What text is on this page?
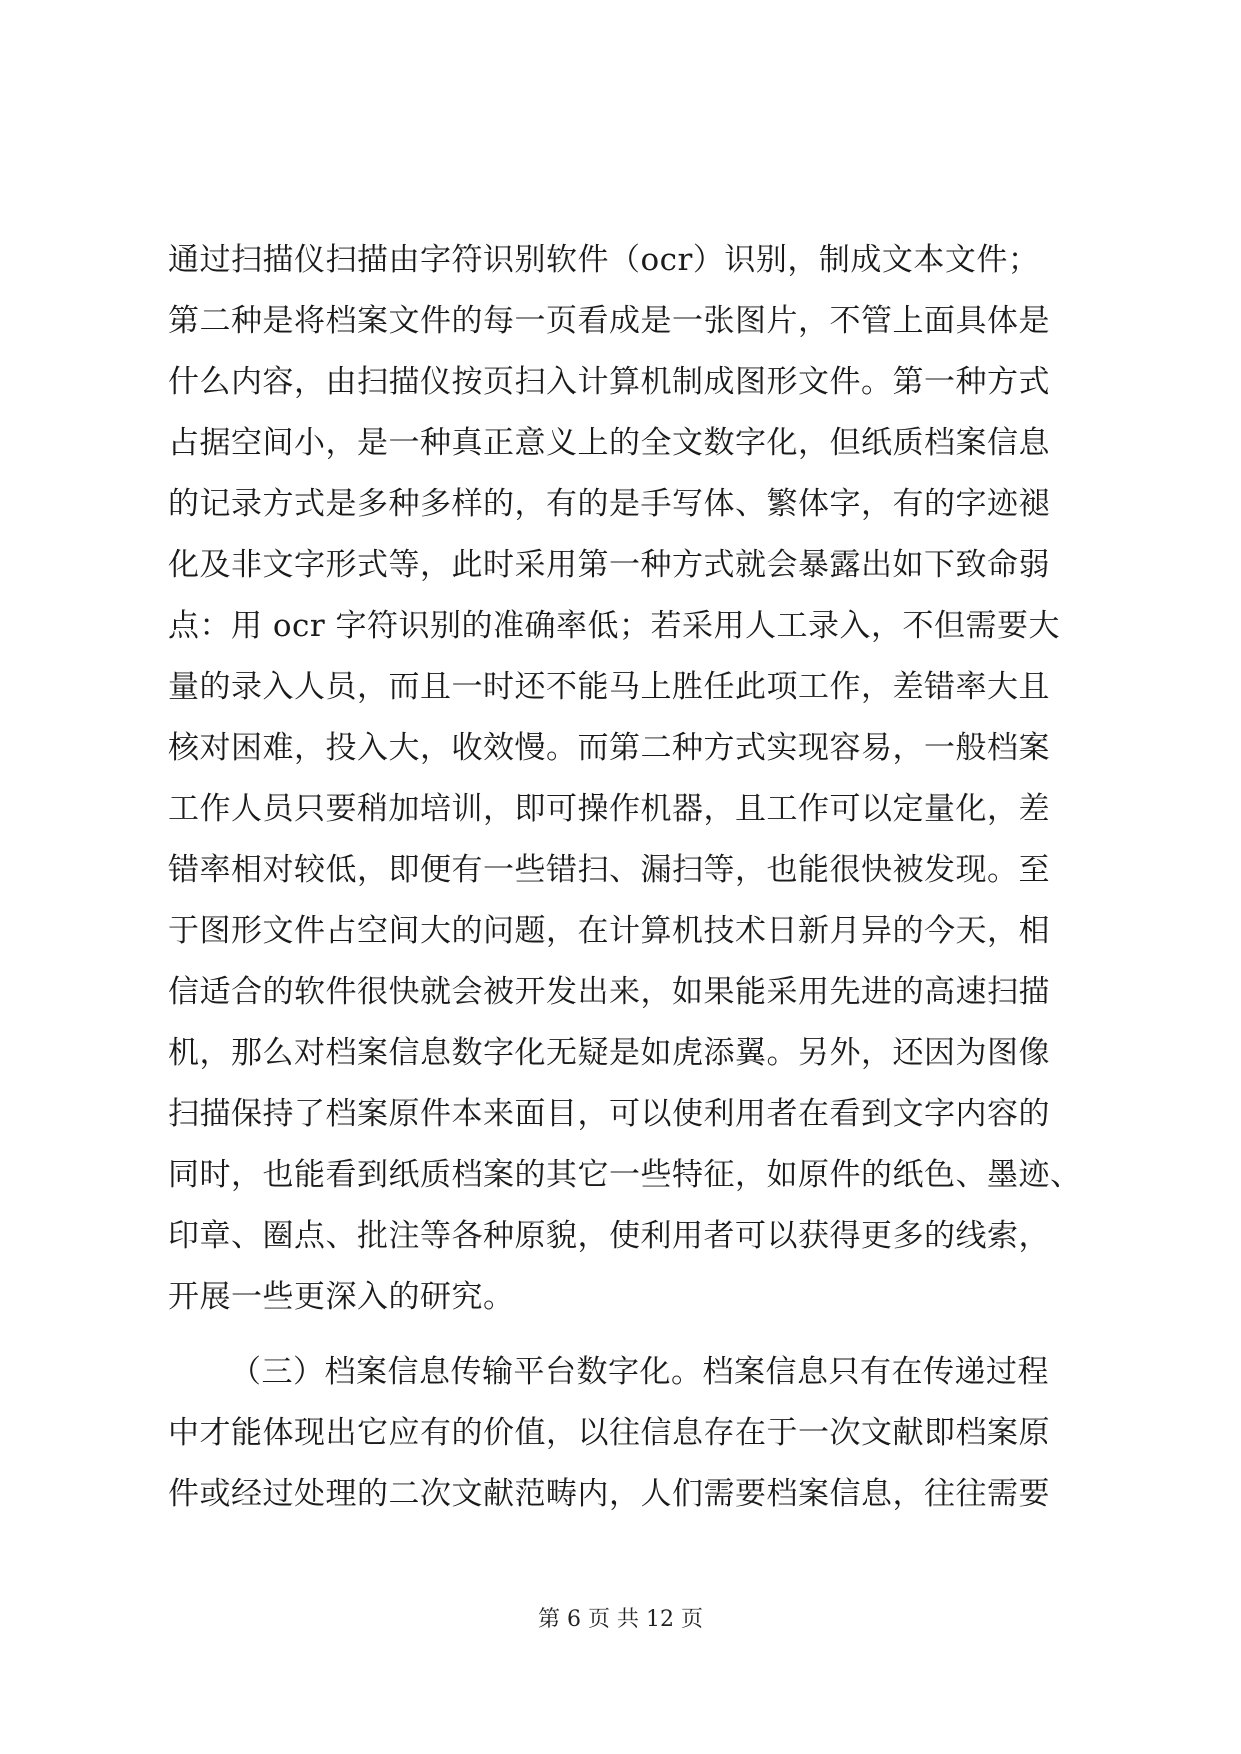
通过扫描仪扫描由字符识别软件（ocr）识别，制成文本文件；
第二种是将档案文件的每一页看成是一张图片，不管上面具体是
什么内容，由扫描仪按页扫入计算机制成图形文件。第一种方式
占据空间小，是一种真正意义上的全文数字化，但纸质档案信息
的记录方式是多种多样的，有的是手写体、繁体字，有的字迹褪
化及非文字形式等，此时采用第一种方式就会暴露出如下致命弱
点：用 ocr 字符识别的准确率低；若采用人工录入，不但需要大
量的录入人员，而且一时还不能马上胜任此项工作，差错率大且
核对困难，投入大，收效慢。而第二种方式实现容易，一般档案
工作人员只要稍加培训，即可操作机器，且工作可以定量化，差
错率相对较低，即便有一些错扫、漏扫等，也能很快被发现。至
于图形文件占空间大的问题，在计算机技术日新月异的今天，相
信适合的软件很快就会被开发出来，如果能采用先进的高速扫描
机，那么对档案信息数字化无疑是如虎添翼。另外，还因为图像
扫描保持了档案原件本来面目，可以使利用者在看到文字内容的
同时，也能看到纸质档案的其它一些特征，如原件的纸色、墨迹、
印章、圈点、批注等各种原貌，使利用者可以获得更多的线索，
开展一些更深入的研究。
（三）档案信息传输平台数字化。档案信息只有在传递过程
中才能体现出它应有的价值，以往信息存在于一次文献即档案原
件或经过处理的二次文献范畴内，人们需要档案信息，往往需要
第 6 页 共 12 页
